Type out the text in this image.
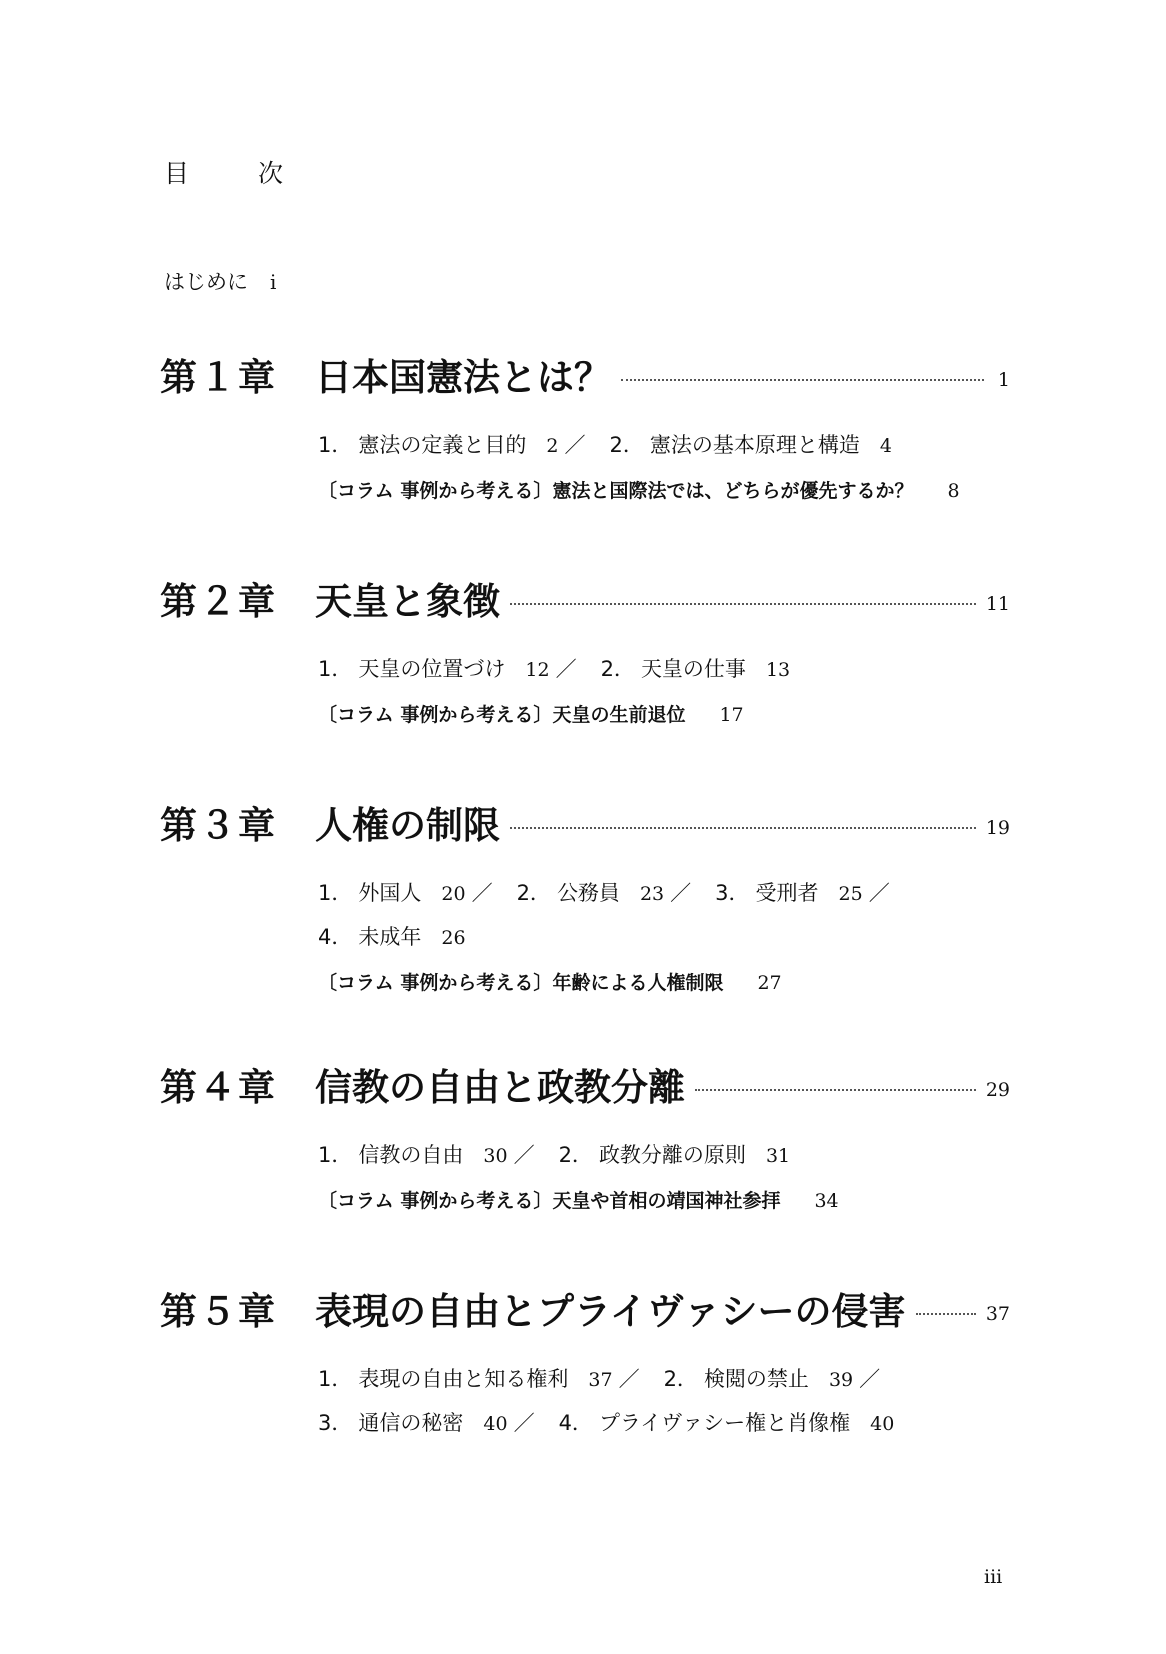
目　次
はじめに i
第１章	日本国憲法とは？	1
1． 憲法の定義と目的 2 ／ 2． 憲法の基本原理と構造 4
〔コラム 事例から考える〕憲法と国際法では、どちらが優先するか？ 8
第２章	天皇と象徴	11
1． 天皇の位置づけ 12 ／ 2． 天皇の仕事 13
〔コラム 事例から考える〕天皇の生前退位 17
第３章	人権の制限	19
1． 外国人 20 ／ 2． 公務員 23 ／ 3． 受刑者 25 ／
4． 未成年 26
〔コラム 事例から考える〕年齢による人権制限 27
第４章	信教の自由と政教分離	29
1． 信教の自由 30 ／ 2． 政教分離の原則 31
〔コラム 事例から考える〕天皇や首相の靖国神社参拝 34
第５章	表現の自由とプライヴァシーの侵害	37
1． 表現の自由と知る権利 37 ／ 2． 検閲の禁止 39 ／
3． 通信の秘密 40 ／ 4． プライヴァシー権と肖像権 40
iii
